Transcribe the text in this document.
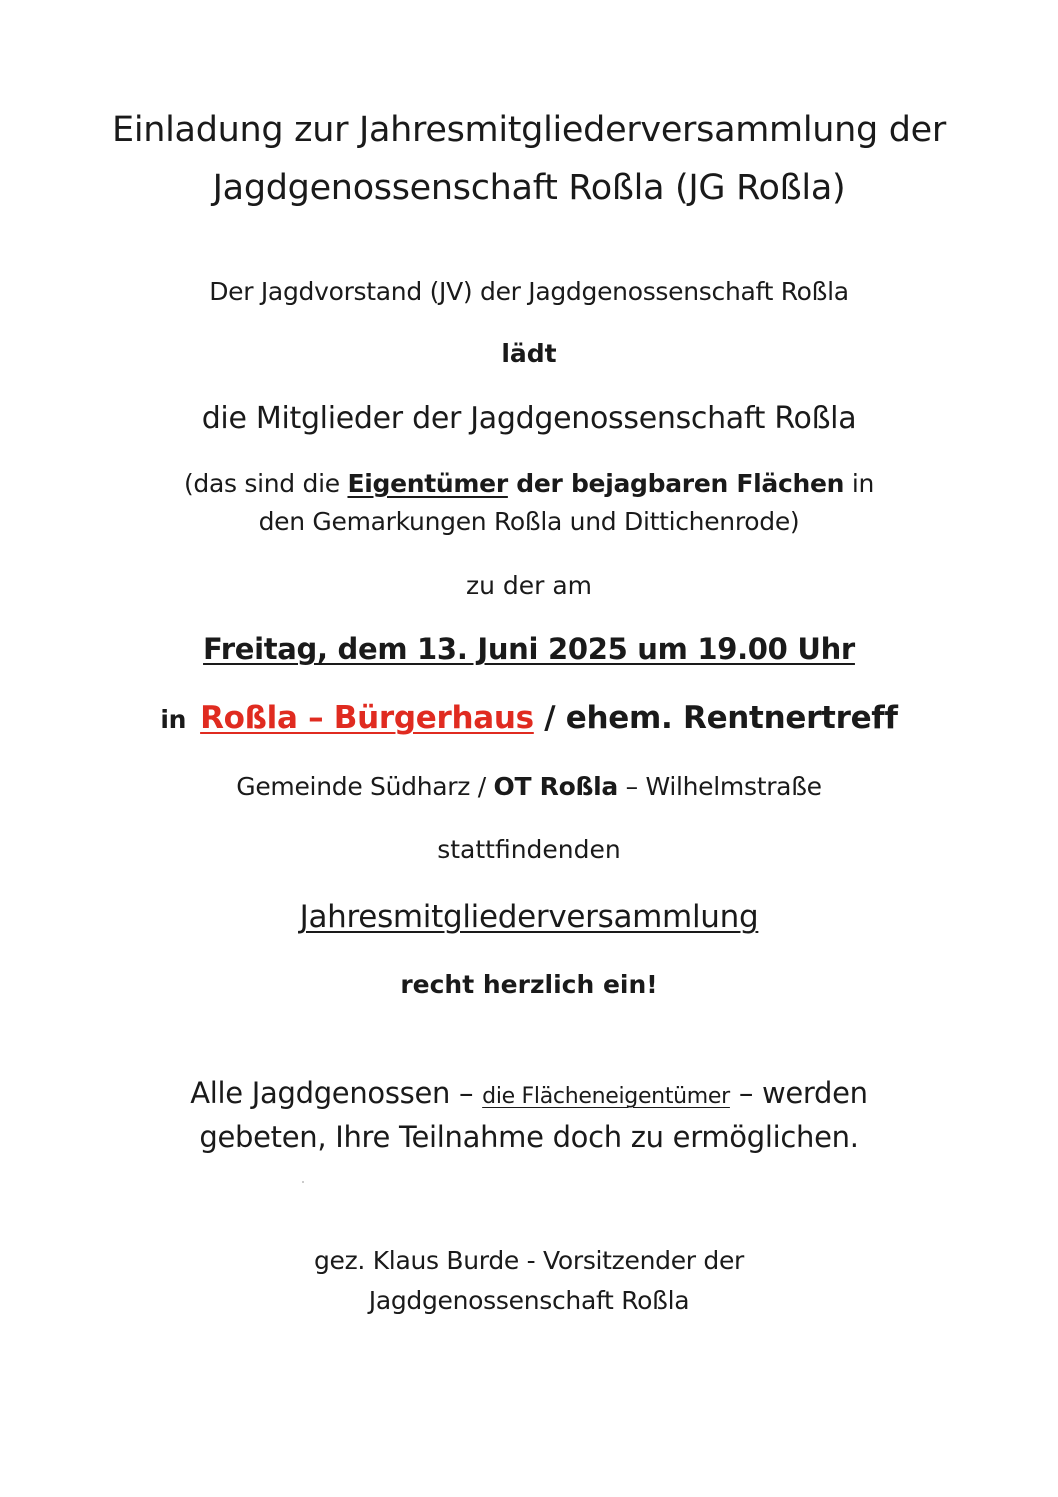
Einladung zur Jahresmitgliederversammlung der
Jagdgenossenschaft Roßla (JG Roßla)
Der Jagdvorstand (JV) der Jagdgenossenschaft Roßla
lädt
die Mitglieder der Jagdgenossenschaft Roßla
(das sind die Eigentümer der bejagbaren Flächen in
den Gemarkungen Roßla und Dittichenrode)
zu der am
Freitag, dem 13. Juni 2025 um 19.00 Uhr
in Roßla – Bürgerhaus / ehem. Rentnertreff
Gemeinde Südharz / OT Roßla – Wilhelmstraße
stattfindenden
Jahresmitgliederversammlung
recht herzlich ein!
Alle Jagdgenossen – die Flächeneigentümer – werden
gebeten, Ihre Teilnahme doch zu ermöglichen.
gez. Klaus Burde - Vorsitzender der
Jagdgenossenschaft Roßla
